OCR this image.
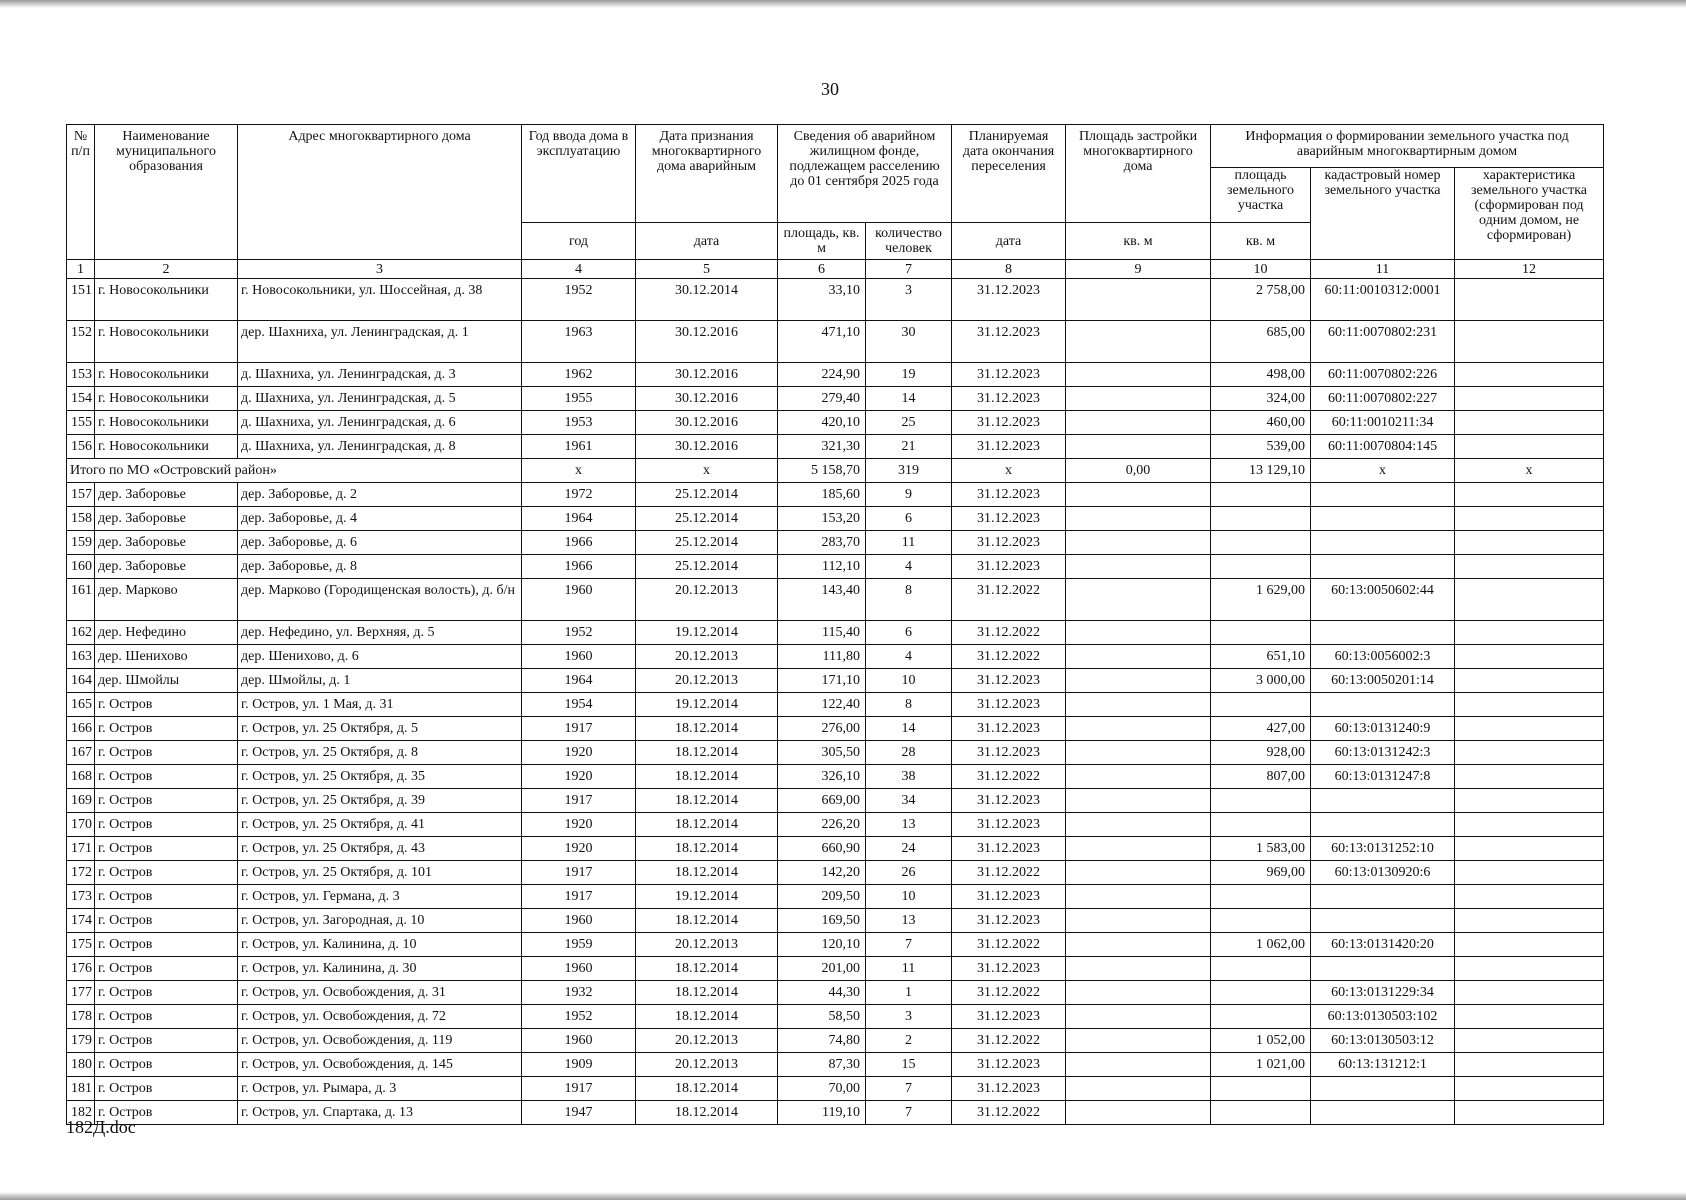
30
№ п/п	Наименование муниципального образования	Адрес многоквартирного дома	Год ввода дома в эксплуатацию	Дата признания многоквартирного дома аварийным	Сведения об аварийном жилищном фонде, подлежащем расселению до 01 сентября 2025 года		Планируемая дата окончания переселения	Площадь застройки многоквартирного дома	Информация о формировании земельного участка под аварийным многоквартирным домом		
									площадь земельного участка	кадастровый номер земельного участка	характеристика земельного участка (сформирован под одним домом, не сформирован)
			год	дата	площадь, кв. м	количество человек	дата	кв. м	кв. м		
1	2	3	4	5	6	7	8	9	10	11	12
151	г. Новосокольники	г. Новосокольники, ул. Шоссейная, д. 38	1952	30.12.2014	33,10	3	31.12.2023		2 758,00	60:11:0010312:0001	
152	г. Новосокольники	дер. Шахниха, ул. Ленинградская, д. 1	1963	30.12.2016	471,10	30	31.12.2023		685,00	60:11:0070802:231	
153	г. Новосокольники	д. Шахниха, ул. Ленинградская, д. 3	1962	30.12.2016	224,90	19	31.12.2023		498,00	60:11:0070802:226	
154	г. Новосокольники	д. Шахниха, ул. Ленинградская, д. 5	1955	30.12.2016	279,40	14	31.12.2023		324,00	60:11:0070802:227	
155	г. Новосокольники	д. Шахниха, ул. Ленинградская, д. 6	1953	30.12.2016	420,10	25	31.12.2023		460,00	60:11:0010211:34	
156	г. Новосокольники	д. Шахниха, ул. Ленинградская, д. 8	1961	30.12.2016	321,30	21	31.12.2023		539,00	60:11:0070804:145	
Итого по МО «Островский район»			x	x	5 158,70	319	x	0,00	13 129,10	x	x
157	дер. Заборовье	дер. Заборовье, д. 2	1972	25.12.2014	185,60	9	31.12.2023				
158	дер. Заборовье	дер. Заборовье, д. 4	1964	25.12.2014	153,20	6	31.12.2023				
159	дер. Заборовье	дер. Заборовье, д. 6	1966	25.12.2014	283,70	11	31.12.2023				
160	дер. Заборовье	дер. Заборовье, д. 8	1966	25.12.2014	112,10	4	31.12.2023				
161	дер. Марково	дер. Марково (Городищенская волость), д. б/н	1960	20.12.2013	143,40	8	31.12.2022		1 629,00	60:13:0050602:44	
162	дер. Нефедино	дер. Нефедино, ул. Верхняя, д. 5	1952	19.12.2014	115,40	6	31.12.2022				
163	дер. Шенихово	дер. Шенихово, д. 6	1960	20.12.2013	111,80	4	31.12.2022		651,10	60:13:0056002:3	
164	дер. Шмойлы	дер. Шмойлы, д. 1	1964	20.12.2013	171,10	10	31.12.2023		3 000,00	60:13:0050201:14	
165	г. Остров	г. Остров, ул. 1 Мая, д. 31	1954	19.12.2014	122,40	8	31.12.2023				
166	г. Остров	г. Остров, ул. 25 Октября, д. 5	1917	18.12.2014	276,00	14	31.12.2023		427,00	60:13:0131240:9	
167	г. Остров	г. Остров, ул. 25 Октября, д. 8	1920	18.12.2014	305,50	28	31.12.2023		928,00	60:13:0131242:3	
168	г. Остров	г. Остров, ул. 25 Октября, д. 35	1920	18.12.2014	326,10	38	31.12.2022		807,00	60:13:0131247:8	
169	г. Остров	г. Остров, ул. 25 Октября, д. 39	1917	18.12.2014	669,00	34	31.12.2023				
170	г. Остров	г. Остров, ул. 25 Октября, д. 41	1920	18.12.2014	226,20	13	31.12.2023				
171	г. Остров	г. Остров, ул. 25 Октября, д. 43	1920	18.12.2014	660,90	24	31.12.2023		1 583,00	60:13:0131252:10	
172	г. Остров	г. Остров, ул. 25 Октября, д. 101	1917	18.12.2014	142,20	26	31.12.2022		969,00	60:13:0130920:6	
173	г. Остров	г. Остров, ул. Германа, д. 3	1917	19.12.2014	209,50	10	31.12.2023				
174	г. Остров	г. Остров, ул. Загородная, д. 10	1960	18.12.2014	169,50	13	31.12.2023				
175	г. Остров	г. Остров, ул. Калинина, д. 10	1959	20.12.2013	120,10	7	31.12.2022		1 062,00	60:13:0131420:20	
176	г. Остров	г. Остров, ул. Калинина, д. 30	1960	18.12.2014	201,00	11	31.12.2023				
177	г. Остров	г. Остров, ул. Освобождения, д. 31	1932	18.12.2014	44,30	1	31.12.2022			60:13:0131229:34	
178	г. Остров	г. Остров, ул. Освобождения, д. 72	1952	18.12.2014	58,50	3	31.12.2023			60:13:0130503:102	
179	г. Остров	г. Остров, ул. Освобождения, д. 119	1960	20.12.2013	74,80	2	31.12.2022		1 052,00	60:13:0130503:12	
180	г. Остров	г. Остров, ул. Освобождения, д. 145	1909	20.12.2013	87,30	15	31.12.2023		1 021,00	60:13:131212:1	
181	г. Остров	г. Остров, ул. Рымара, д. 3	1917	18.12.2014	70,00	7	31.12.2023				
182	г. Остров	г. Остров, ул. Спартака, д. 13	1947	18.12.2014	119,10	7	31.12.2022				
182Д.doc
